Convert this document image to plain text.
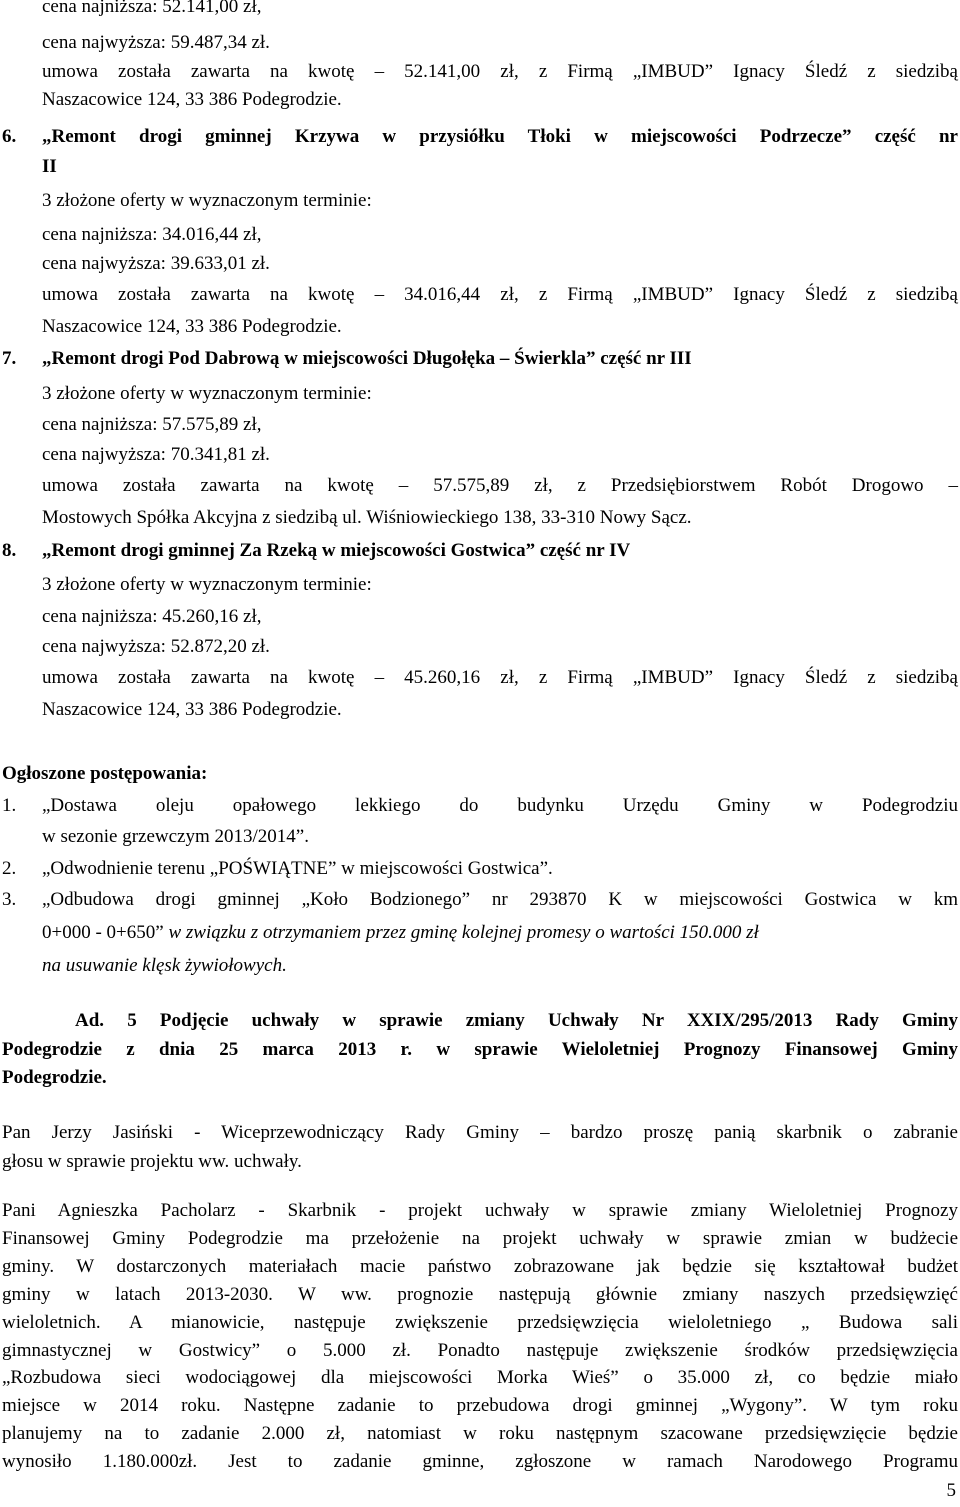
cena najniższa: 52.141,00 zł,
cena najwyższa: 59.487,34 zł.
umowa została zawarta na kwotę – 52.141,00 zł, z Firmą „IMBUD” Ignacy Śledź z siedzibą
Naszacowice 124, 33 386 Podegrodzie.
6. „Remont drogi gminnej Krzywa w przysiółku Tłoki w miejscowości Podrzecze” część nr
II
3 złożone oferty w wyznaczonym terminie:
cena najniższa: 34.016,44 zł,
cena najwyższa: 39.633,01 zł.
umowa została zawarta na kwotę – 34.016,44 zł, z Firmą „IMBUD” Ignacy Śledź z siedzibą
Naszacowice 124, 33 386 Podegrodzie.
7. „Remont drogi Pod Dabrową w miejscowości Długołęka – Świerkla” część nr III
3 złożone oferty w wyznaczonym terminie:
cena najniższa: 57.575,89 zł,
cena najwyższa: 70.341,81 zł.
umowa została zawarta na kwotę – 57.575,89 zł, z Przedsiębiorstwem Robót Drogowo –
Mostowych Spółka Akcyjna z siedzibą ul. Wiśniowieckiego 138, 33-310 Nowy Sącz.
8. „Remont drogi gminnej Za Rzeką w miejscowości Gostwica” część nr IV
3 złożone oferty w wyznaczonym terminie:
cena najniższa: 45.260,16 zł,
cena najwyższa: 52.872,20 zł.
umowa została zawarta na kwotę – 45.260,16 zł, z Firmą „IMBUD” Ignacy Śledź z siedzibą
Naszacowice 124, 33 386 Podegrodzie.
Ogłoszone postępowania:
1. „Dostawa oleju opałowego lekkiego do budynku Urzędu Gminy w Podegrodziu
w sezonie grzewczym 2013/2014”.
2. „Odwodnienie terenu „POŚWIĄTNE” w miejscowości Gostwica”.
3. „Odbudowa drogi gminnej „Koło Bodzionego” nr 293870 K w miejscowości Gostwica w km
0+000 - 0+650” w związku z otrzymaniem przez gminę kolejnej promesy o wartości 150.000 zł
na usuwanie klęsk żywiołowych.
Ad. 5 Podjęcie uchwały w sprawie zmiany Uchwały Nr XXIX/295/2013 Rady Gminy
Podegrodzie z dnia 25 marca 2013 r. w sprawie Wieloletniej Prognozy Finansowej Gminy
Podegrodzie.
Pan Jerzy Jasiński - Wiceprzewodniczący Rady Gminy – bardzo proszę panią skarbnik o zabranie
głosu w sprawie projektu ww. uchwały.
Pani Agnieszka Pacholarz - Skarbnik - projekt uchwały w sprawie zmiany Wieloletniej Prognozy
Finansowej Gminy Podegrodzie ma przełożenie na projekt uchwały w sprawie zmian w budżecie
gminy. W dostarczonych materiałach macie państwo zobrazowane jak będzie się kształtował budżet
gminy w latach 2013-2030. W ww. prognozie następują głównie zmiany naszych przedsięwzięć
wieloletnich. A mianowicie, następuje zwiększenie przedsięwzięcia wieloletniego „ Budowa sali
gimnastycznej w Gostwicy” o 5.000 zł. Ponadto następuje zwiększenie środków przedsięwzięcia
„Rozbudowa sieci wodociągowej dla miejscowości Morka Wieś” o 35.000 zł, co będzie miało
miejsce w 2014 roku. Następne zadanie to przebudowa drogi gminnej „Wygony”. W tym roku
planujemy na to zadanie 2.000 zł, natomiast w roku następnym szacowane przedsięwzięcie będzie
wynosiło 1.180.000zł. Jest to zadanie gminne, zgłoszone w ramach Narodowego Programu
5
